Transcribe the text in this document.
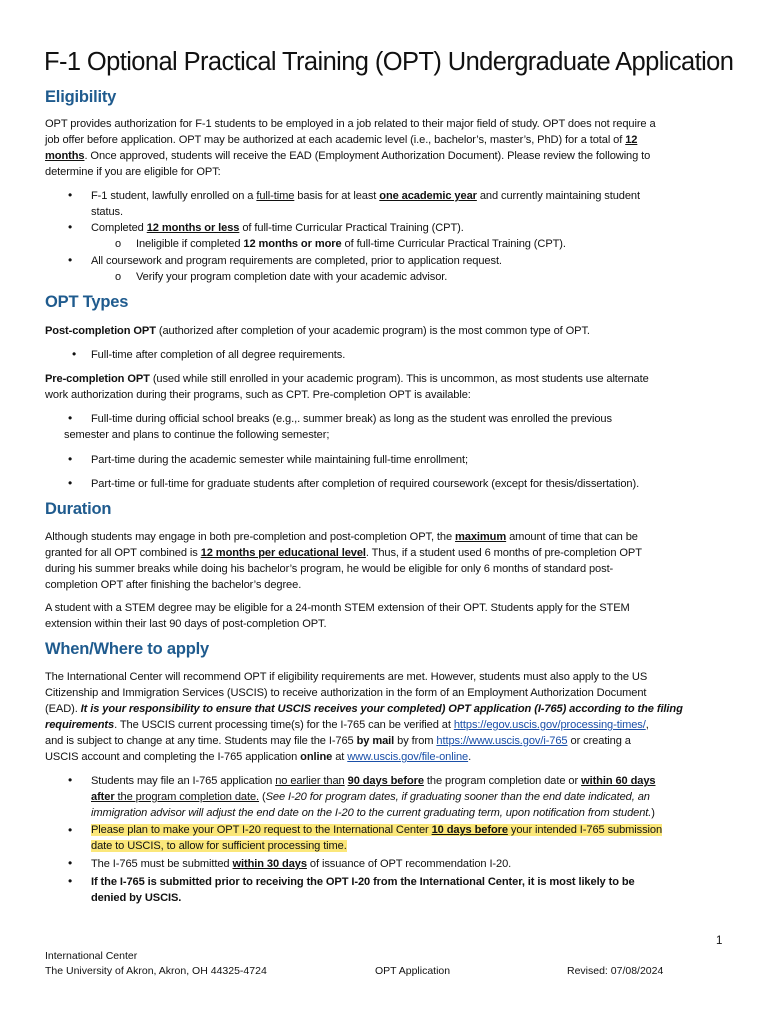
F-1 Optional Practical Training (OPT) Undergraduate Application
Eligibility
OPT provides authorization for F-1 students to be employed in a job related to their major field of study. OPT does not require a
job offer before application. OPT may be authorized at each academic level (i.e., bachelor’s, master’s, PhD) for a total of 12
months. Once approved, students will receive the EAD (Employment Authorization Document). Please review the following to
determine if you are eligible for OPT:
• F-1 student, lawfully enrolled on a full-time basis for at least one academic year and currently maintaining student
status.
• Completed 12 months or less of full-time Curricular Practical Training (CPT).
o Ineligible if completed 12 months or more of full-time Curricular Practical Training (CPT).
• All coursework and program requirements are completed, prior to application request.
o Verify your program completion date with your academic advisor.
OPT Types
Post-completion OPT (authorized after completion of your academic program) is the most common type of OPT.
• Full-time after completion of all degree requirements.
Pre-completion OPT (used while still enrolled in your academic program). This is uncommon, as most students use alternate
work authorization during their programs, such as CPT. Pre-completion OPT is available:
• Full-time during official school breaks (e.g.,. summer break) as long as the student was enrolled the previous
semester and plans to continue the following semester;
• Part-time during the academic semester while maintaining full-time enrollment;
• Part-time or full-time for graduate students after completion of required coursework (except for thesis/dissertation).
Duration
Although students may engage in both pre-completion and post-completion OPT, the maximum amount of time that can be
granted for all OPT combined is 12 months per educational level. Thus, if a student used 6 months of pre-completion OPT
during his summer breaks while doing his bachelor’s program, he would be eligible for only 6 months of standard post-
completion OPT after finishing the bachelor’s degree.
A student with a STEM degree may be eligible for a 24-month STEM extension of their OPT. Students apply for the STEM
extension within their last 90 days of post-completion OPT.
When/Where to apply
The International Center will recommend OPT if eligibility requirements are met. However, students must also apply to the US
Citizenship and Immigration Services (USCIS) to receive authorization in the form of an Employment Authorization Document
(EAD). It is your responsibility to ensure that USCIS receives your completed) OPT application (I-765) according to the filing
requirements. The USCIS current processing time(s) for the I-765 can be verified at https://egov.uscis.gov/processing-times/,
and is subject to change at any time. Students may file the I-765 by mail by from https://www.uscis.gov/i-765 or creating a
USCIS account and completing the I-765 application online at www.uscis.gov/file-online.
• Students may file an I-765 application no earlier than 90 days before the program completion date or within 60 days
after the program completion date. (See I-20 for program dates, if graduating sooner than the end date indicated, an
immigration advisor will adjust the end date on the I-20 to the current graduating term, upon notification from student.)
• Please plan to make your OPT I-20 request to the International Center 10 days before your intended I-765 submission
date to USCIS, to allow for sufficient processing time.
• The I-765 must be submitted within 30 days of issuance of OPT recommendation I-20.
• If the I-765 is submitted prior to receiving the OPT I-20 from the International Center, it is most likely to be
denied by USCIS.
1
International Center
The University of Akron, Akron, OH 44325-4724	OPT Application	Revised: 07/08/2024
